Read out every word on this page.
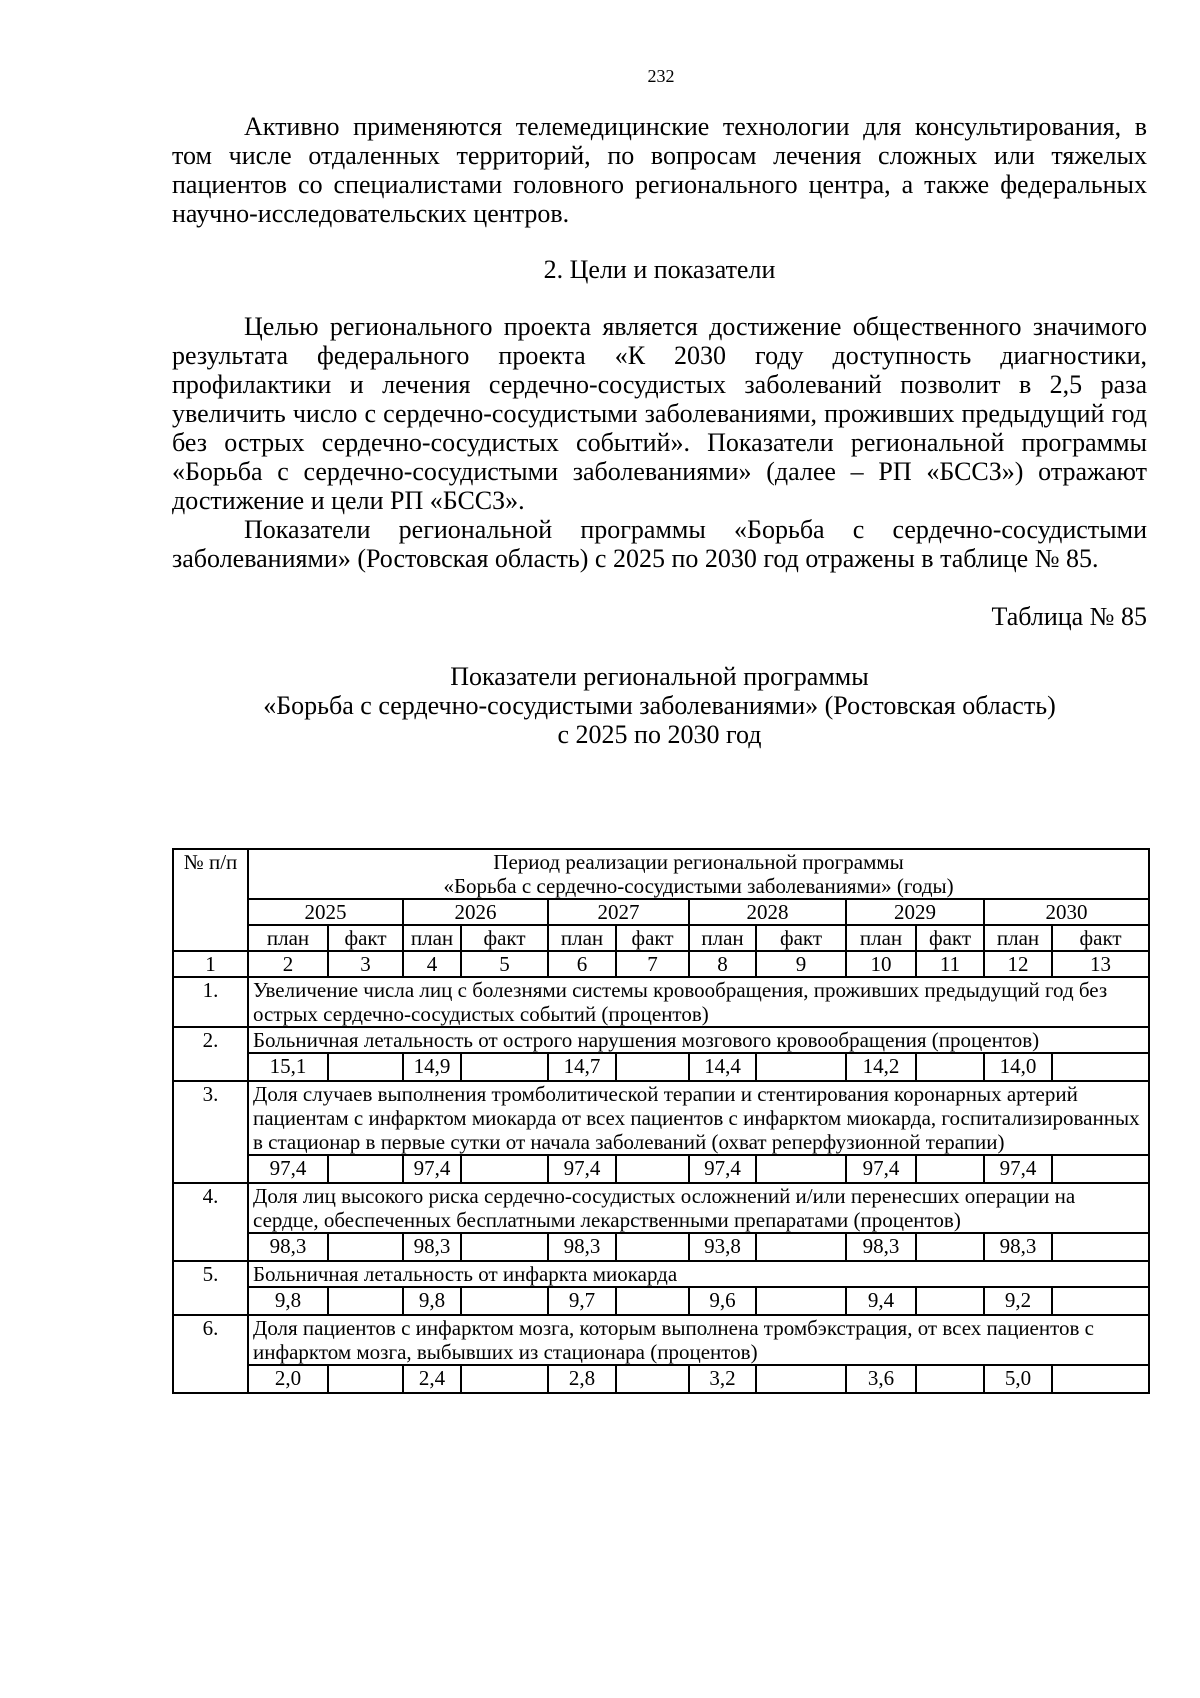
232

Активно применяются телемедицинские технологии для консультирования, в том числе отдаленных территорий, по вопросам лечения сложных или тяжелых пациентов со специалистами головного регионального центра, а также федеральных научно-исследовательских центров.

2. Цели и показатели

Целью регионального проекта является достижение общественного значимого результата федерального проекта «К 2030 году доступность диагностики, профилактики и лечения сердечно-сосудистых заболеваний позволит в 2,5 раза увеличить число с сердечно-сосудистыми заболеваниями, проживших предыдущий год без острых сердечно-сосудистых событий». Показатели региональной программы «Борьба с сердечно-сосудистыми заболеваниями» (далее – РП «БССЗ») отражают достижение и цели РП «БССЗ».

Показатели региональной программы «Борьба с сердечно-сосудистыми заболеваниями» (Ростовская область) с 2025 по 2030 год отражены в таблице № 85.

Таблица № 85
Показатели региональной программы
«Борьба с сердечно-сосудистыми заболеваниями» (Ростовская область)
с 2025 по 2030 год
№ п/п	Период реализации региональной программы
«Борьба с сердечно-сосудистыми заболеваниями» (годы)											

	2025		2026		2027		2028		2029		2030	
	план	факт	план	факт	план	факт	план	факт	план	факт	план	факт
1	2	3	4	5	6	7	8	9	10	11	12	13
1.	Увеличение числа лиц с болезнями системы кровообращения, проживших предыдущий год без острых сердечно-сосудистых событий (процентов)											
2.	Больничная летальность от острого нарушения мозгового кровообращения (процентов)											
	15,1		14,9		14,7		14,4		14,2		14,0	
3.	Доля случаев выполнения тромболитической терапии и стентирования коронарных артерий пациентам с инфарктом миокарда от всех пациентов с инфарктом миокарда, госпитализированных в стационар в первые сутки от начала заболеваний (охват реперфузионной терапии)											
	97,4		97,4		97,4		97,4		97,4		97,4	
4.	Доля лиц высокого риска сердечно-сосудистых осложнений и/или перенесших операции на сердце, обеспеченных бесплатными лекарственными препаратами (процентов)											
	98,3		98,3		98,3		93,8		98,3		98,3	
5.	Больничная летальность от инфаркта миокарда											
	9,8		9,8		9,7		9,6		9,4		9,2	
6.	Доля пациентов с инфарктом мозга, которым выполнена тромбэкстрация, от всех пациентов с инфарктом мозга, выбывших из стационара (процентов)											
	2,0		2,4		2,8		3,2		3,6		5,0	
